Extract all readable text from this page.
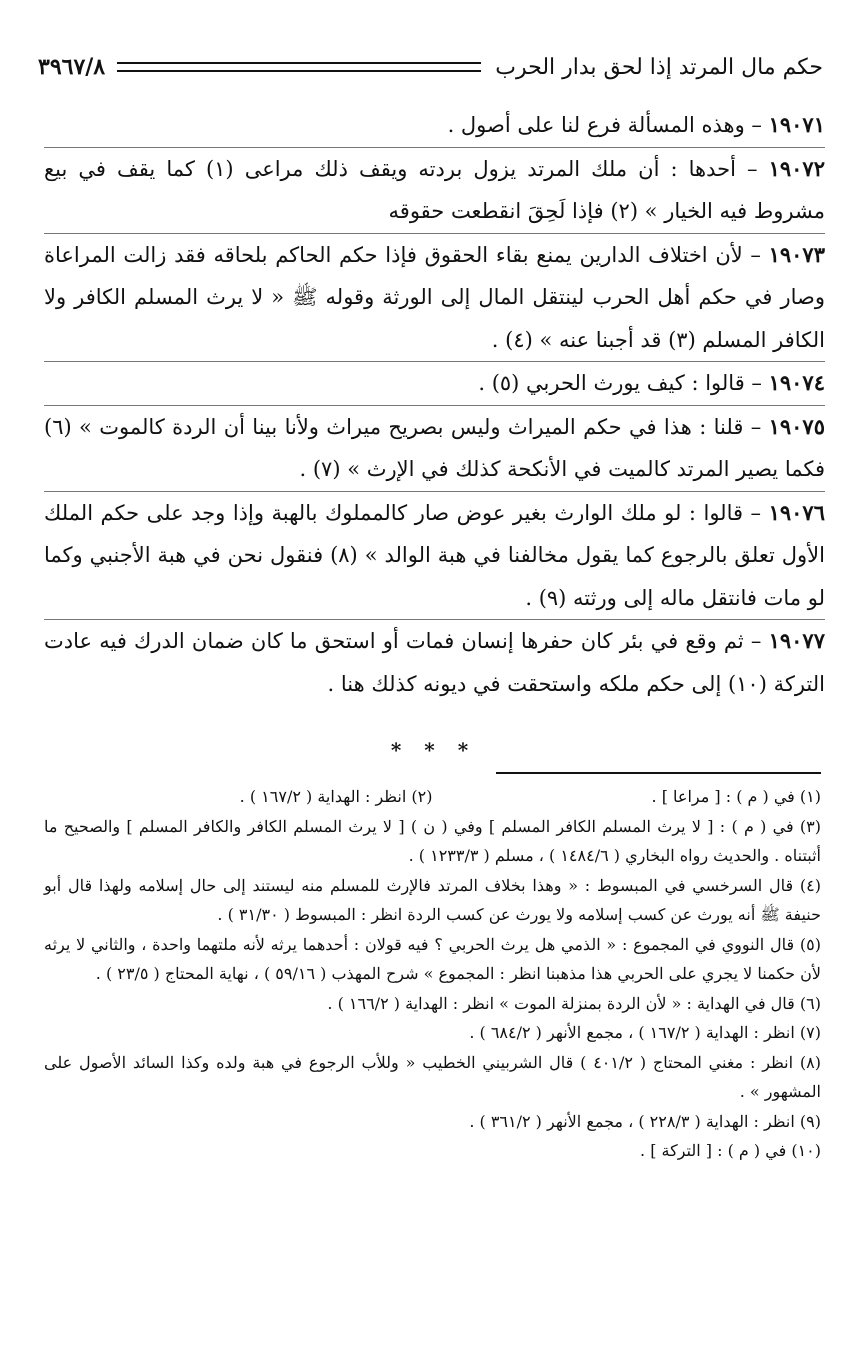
حكم مال المرتد إذا لحق بدار الحرب
٣٩٦٧/٨

١٩٠٧١ – وهذه المسألة فرع لنا على أصول .

١٩٠٧٢ – أحدها : أن ملك المرتد يزول بردته ويقف ذلك مراعى (١) كما يقف في بيع مشروط فيه الخيار » (٢) فإذا لَحِقَ انقطعت حقوقه

١٩٠٧٣ – لأن اختلاف الدارين يمنع بقاء الحقوق فإذا حكم الحاكم بلحاقه فقد زالت المراعاة وصار في حكم أهل الحرب لينتقل المال إلى الورثة وقوله ﷺ « لا يرث المسلم الكافر ولا الكافر المسلم (٣) قد أجبنا عنه » (٤) .

١٩٠٧٤ – قالوا : كيف يورث الحربي (٥) .

١٩٠٧٥ – قلنا : هذا في حكم الميراث وليس بصريح ميراث ولأنا بينا أن الردة كالموت » (٦) فكما يصير المرتد كالميت في الأنكحة كذلك في الإرث » (٧) .

١٩٠٧٦ – قالوا : لو ملك الوارث بغير عوض صار كالمملوك بالهبة وإذا وجد على حكم الملك الأول تعلق بالرجوع كما يقول مخالفنا في هبة الوالد » (٨) فنقول نحن في هبة الأجنبي وكما لو مات فانتقل ماله إلى ورثته (٩) .

١٩٠٧٧ – ثم وقع في بئر كان حفرها إنسان فمات أو استحق ما كان ضمان الدرك فيه عادت التركة (١٠) إلى حكم ملكه واستحقت في ديونه كذلك هنا .

* * *

(١) في ( م ) : [ مراعا ] .

(٢) انظر : الهداية ( ١٦٧/٢ ) .

(٣) في ( م ) : [ لا يرث المسلم الكافر المسلم ] وفي ( ن ) [ لا يرث المسلم الكافر والكافر المسلم ] والصحيح ما أثبتناه . والحديث رواه البخاري ( ١٤٨٤/٦ ) ، مسلم ( ١٢٣٣/٣ ) .

(٤) قال السرخسي في المبسوط : « وهذا بخلاف المرتد فالإرث للمسلم منه ليستند إلى حال إسلامه ولهذا قال أبو حنيفة ﷺ أنه يورث عن كسب إسلامه ولا يورث عن كسب الردة انظر : المبسوط ( ٣١/٣٠ ) .

(٥) قال النووي في المجموع : « الذمي هل يرث الحربي ؟ فيه قولان : أحدهما يرثه لأنه ملتهما واحدة ، والثاني لا يرثه لأن حكمنا لا يجري على الحربي هذا مذهبنا انظر : المجموع » شرح المهذب ( ٥٩/١٦ ) ، نهاية المحتاج ( ٢٣/٥ ) .

(٦) قال في الهداية : « لأن الردة بمنزلة الموت » انظر : الهداية ( ١٦٦/٢ ) .

(٧) انظر : الهداية ( ١٦٧/٢ ) ، مجمع الأنهر ( ٦٨٤/٢ ) .

(٨) انظر : مغني المحتاج ( ٤٠١/٢ ) قال الشربيني الخطيب « وللأب الرجوع في هبة ولده وكذا السائد الأصول على المشهور » .

(٩) انظر : الهداية ( ٢٢٨/٣ ) ، مجمع الأنهر ( ٣٦١/٢ ) .

(١٠) في ( م ) : [ التركة ] .
